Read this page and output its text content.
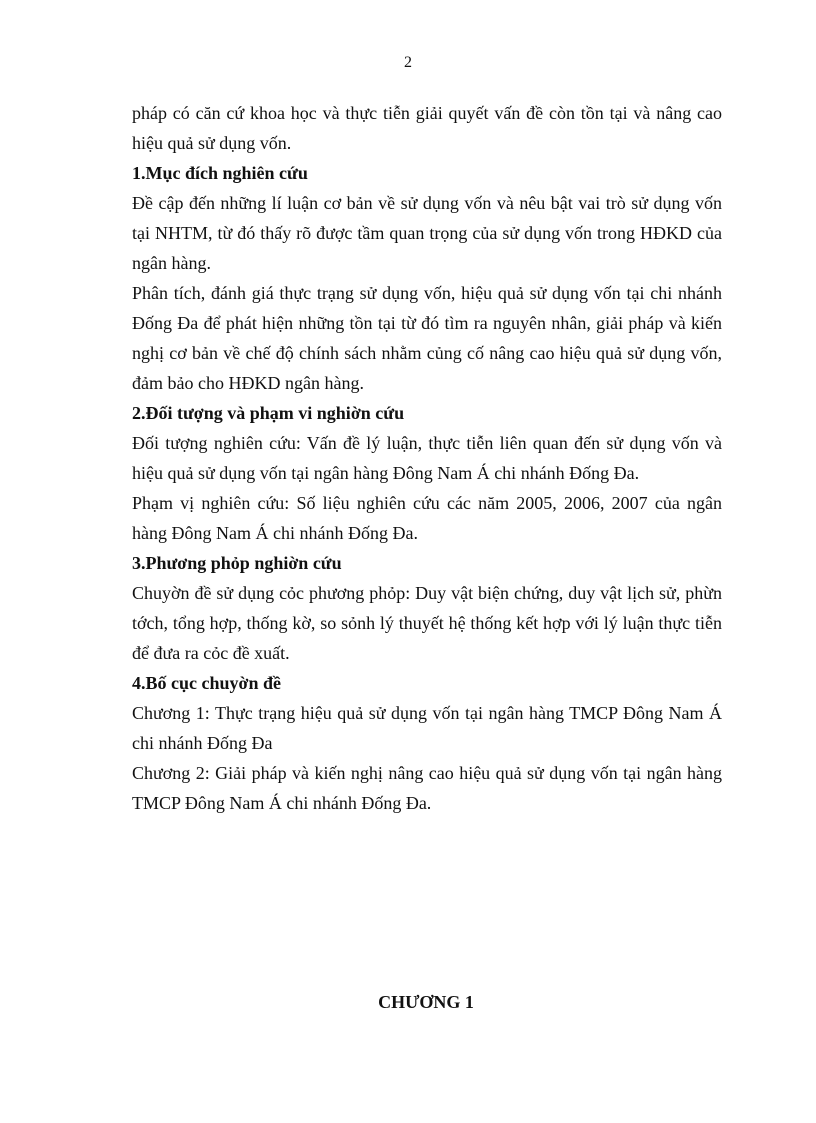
2

pháp có căn cứ khoa học và thực tiễn giải quyết vấn đề còn tồn tại và nâng cao hiệu quả sử dụng vốn.

1.Mục đích nghiên cứu

Đề cập đến những lí luận cơ bản về sử dụng vốn và nêu bật vai trò sử dụng vốn tại NHTM, từ đó thấy rõ được tầm quan trọng của sử dụng vốn trong HĐKD của ngân hàng.

Phân tích, đánh giá thực trạng sử dụng vốn, hiệu quả sử dụng vốn tại chi nhánh Đống Đa để phát hiện những tồn tại từ đó tìm ra nguyên nhân, giải pháp và kiến nghị cơ bản về chế độ chính sách nhằm củng cố nâng cao hiệu quả sử dụng vốn, đảm bảo cho HĐKD ngân hàng.

2.Đối tượng và phạm vi nghiờn cứu

Đối tượng nghiên cứu: Vấn đề lý luận, thực tiễn liên quan đến sử dụng vốn và hiệu quả sử dụng vốn tại ngân hàng Đông Nam Á chi nhánh Đống Đa.

Phạm vị nghiên cứu: Số liệu nghiên cứu các năm 2005, 2006, 2007 của ngân hàng Đông Nam Á chi nhánh Đống Đa.

3.Phương phỏp nghiờn cứu

Chuyờn đề sử dụng cỏc phương phỏp: Duy vật biện chứng, duy vật lịch sử, phừn tớch, tổng hợp, thống kờ, so sỏnh lý thuyết hệ thống kết hợp với lý luận thực tiễn để đưa ra cỏc đề xuất.

4.Bố cục chuyờn đề

Chương 1: Thực trạng hiệu quả sử dụng vốn tại ngân hàng TMCP Đông Nam Á chi nhánh Đống Đa

Chương 2: Giải pháp và kiến nghị nâng cao hiệu quả sử dụng vốn tại ngân hàng TMCP Đông Nam Á chi nhánh Đống Đa.

CHƯƠNG 1
